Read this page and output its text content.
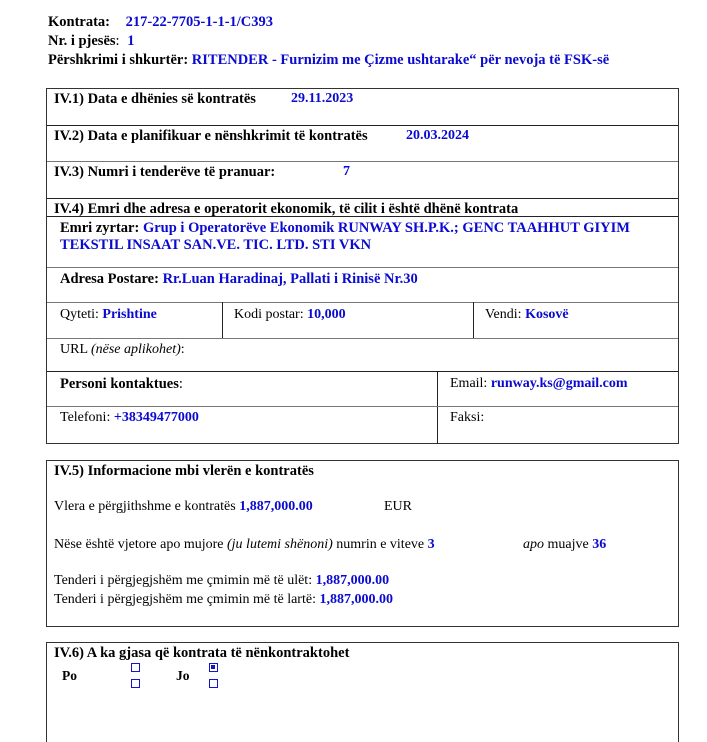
Kontrata: 217-22-7705-1-1-1/C393
Nr. i pjesës: 1
Përshkrimi i shkurtër: RITENDER - Furnizim me Çizme ushtarake“ për nevoja të FSK-së
IV.1) Data e dhënies së kontratës	29.11.2023
IV.2) Data e planifikuar e nënshkrimit të kontratës	20.03.2024
IV.3) Numri i tenderëve të pranuar:	7
IV.4) Emri dhe adresa e operatorit ekonomik, të cilit i është dhënë kontrata
Emri zyrtar: Grup i Operatorëve Ekonomik RUNWAY SH.P.K.; GENC TAAHHUT GIYIM
TEKSTIL INSAAT SAN.VE. TIC. LTD. STI VKN
Adresa Postare: Rr.Luan Haradinaj, Pallati i Rinisë Nr.30
Qyteti: Prishtine	Kodi postar: 10,000	Vendi: Kosovë
URL (nëse aplikohet):
Personi kontaktues:	Email: runway.ks@gmail.com
Telefoni: +38349477000	Faksi:
IV.5) Informacione mbi vlerën e kontratës
Vlera e përgjithshme e kontratës 1,887,000.00	EUR
Nëse është vjetore apo mujore (ju lutemi shënoni) numrin e viteve 3	apo muajve 36
Tenderi i përgjegjshëm me çmimin më të ulët: 1,887,000.00
Tenderi i përgjegjshëm me çmimin më të lartë: 1,887,000.00
IV.6) A ka gjasa që kontrata të nënkontraktohet
Po	Jo
